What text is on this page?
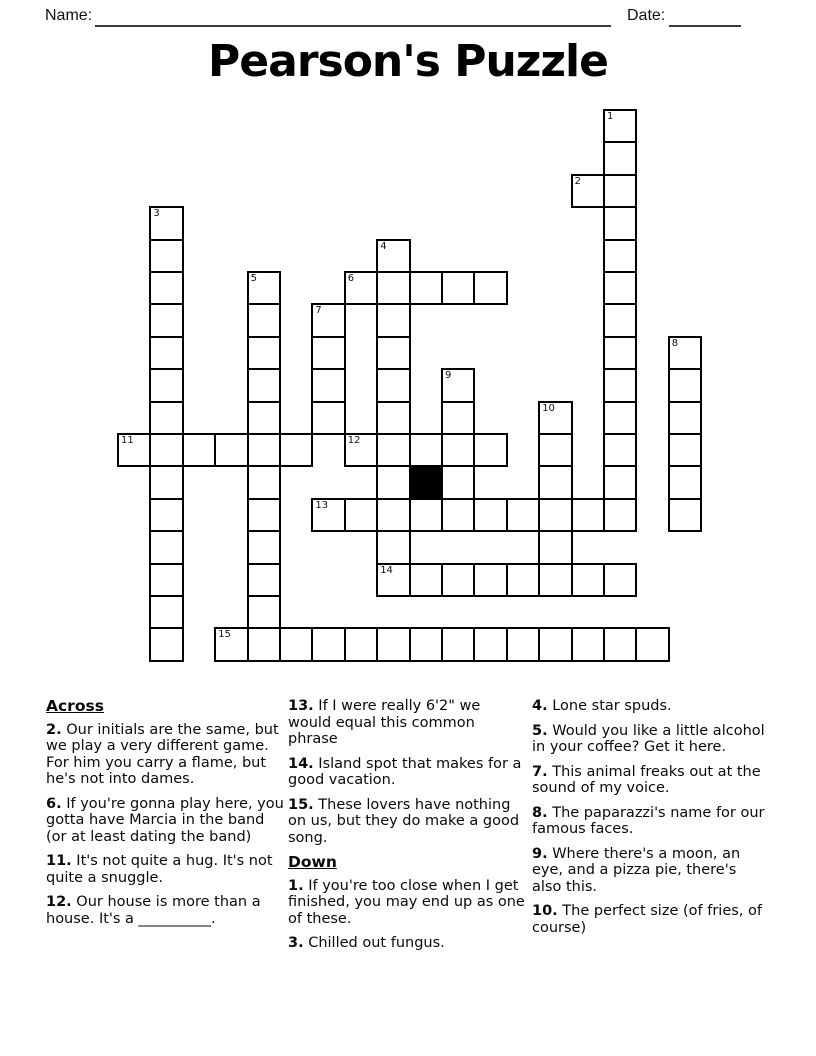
Name:	Date:
Pearson's Puzzle
1
2
3
4
5	6
7
8
9
10
11	12
13
14
15
Across

2. Our initials are the same, but we play a very different game. For him you carry a flame, but he's not into dames.

6. If you're gonna play here, you gotta have Marcia in the band (or at least dating the band)

11. It's not quite a hug. It's not quite a snuggle.

12. Our house is more than a house. It's a __________.

13. If I were really 6'2" we would equal this common phrase

14. Island spot that makes for a good vacation.

15. These lovers have nothing on us, but they do make a good song.

Down

1. If you're too close when I get finished, you may end up as one of these.

3. Chilled out fungus.

4. Lone star spuds.

5. Would you like a little alcohol in your coffee? Get it here.

7. This animal freaks out at the sound of my voice.

8. The paparazzi's name for our famous faces.

9. Where there's a moon, an eye, and a pizza pie, there's also this.

10. The perfect size (of fries, of course)
